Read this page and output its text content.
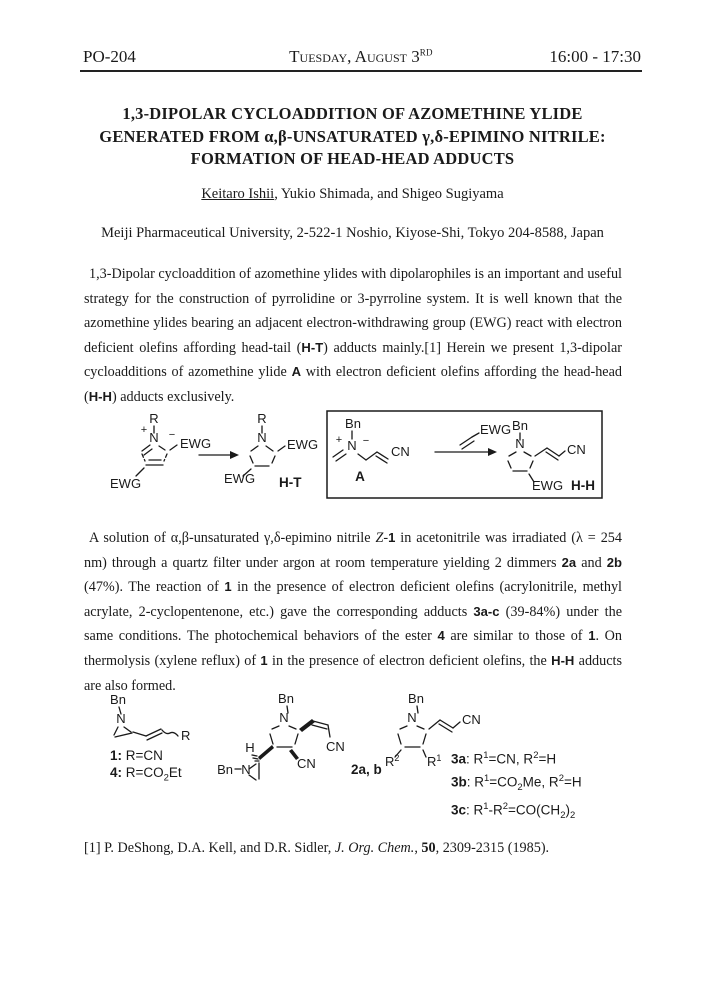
PO-204	Tuesday, August 3RD	16:00 - 17:30
1,3-DIPOLAR CYCLOADDITION OF AZOMETHINE YLIDE
GENERATED FROM α,β-UNSATURATED γ,δ-EPIMINO NITRILE:
FORMATION OF HEAD-HEAD ADDUCTS
Keitaro Ishii, Yukio Shimada, and Shigeo Sugiyama
Meiji Pharmaceutical University, 2-522-1 Noshio, Kiyose-Shi, Tokyo 204-8588, Japan
1,3-Dipolar cycloaddition of azomethine ylides with dipolarophiles is an important and useful strategy for the construction of pyrrolidine or 3-pyrroline system. It is well known that the azomethine ylides bearing an adjacent electron-withdrawing group (EWG) react with electron deficient olefins affording head-tail (H-T) adducts mainly.[1] Herein we present 1,3-dipolar cycloadditions of azomethine ylide A with electron deficient olefins affording the head-head (H-H) adducts exclusively.
R
+ N −
EWG
EWG
R
N EWG
EWG H-T
Bn
+ N −
CN
A
EWG Bn
N	CN
EWG H-H
A solution of α,β-unsaturated γ,δ-epimino nitrile Z-1 in acetonitrile was irradiated (λ = 254 nm) through a quartz filter under argon at room temperature yielding 2 dimmers 2a and 2b (47%). The reaction of 1 in the presence of electron deficient olefins (acrylonitrile, methyl acrylate, 2-cyclopentenone, etc.) gave the corresponding adducts 3a-c (39-84%) under the same conditions. The photochemical behaviors of the ester 4 are similar to those of 1. On thermolysis (xylene reflux) of 1 in the presence of electron deficient olefins, the H-H adducts are also formed.
Bn
N
R
Bn
N
CN
CN
H
Bn N	2a, b
Bn
N	CN
$R^2$ $R^1$
1: R=CN
4: $R=CO_2Et$
3a: $R^1=CN$, $R^2=H$
3b: $R^1=CO_2Me$, $R^2=H$
3c: $R^1-R^2=CO(CH_2)_2$
[1] P. DeShong, D.A. Kell, and D.R. Sidler, J. Org. Chem., 50, 2309-2315 (1985).
